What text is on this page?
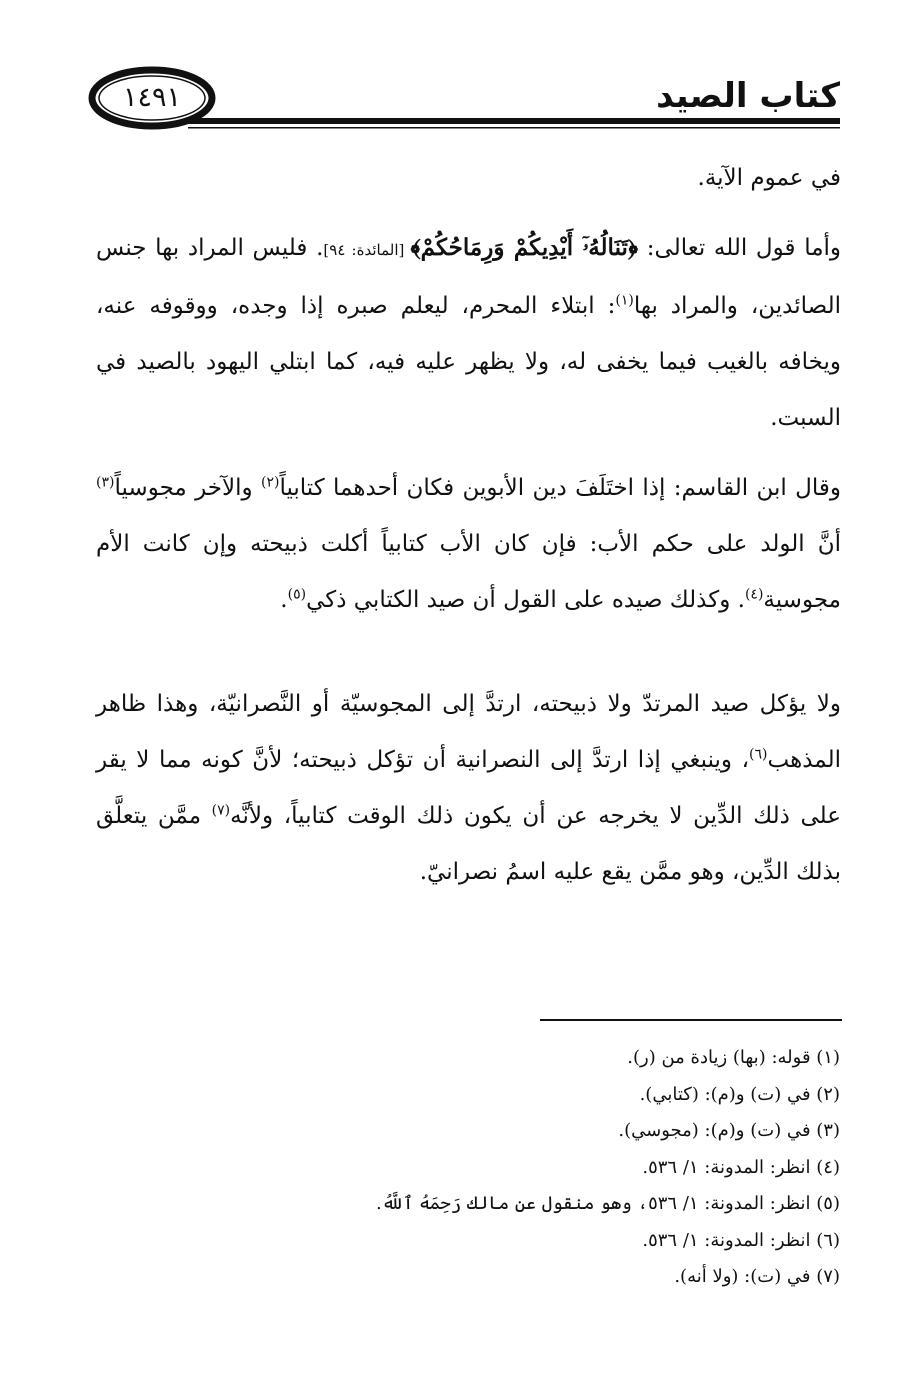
كتاب الصيد
١٤٩١

في عموم الآية.

وأما قول الله تعالى: ﴿تَنَالُهُۥٓ أَيْدِيكُمْ وَرِمَاحُكُمْ﴾ [المائدة: ٩٤]. فليس المراد بها جنس الصائدين، والمراد بها$^{(١)}$: ابتلاء المحرم، ليعلم صبره إذا وجده، ووقوفه عنه، ويخافه بالغيب فيما يخفى له، ولا يظهر عليه فيه، كما ابتلي اليهود بالصيد في السبت.

وقال ابن القاسم: إذا اختَلَفَ دين الأبوين فكان أحدهما كتابياً$^{(٢)}$ والآخر مجوسياً$^{(٣)}$ أنَّ الولد على حكم الأب: فإن كان الأب كتابياً أكلت ذبيحته وإن كانت الأم مجوسية$^{(٤)}$. وكذلك صيده على القول أن صيد الكتابي ذكي$^{(٥)}$.

ولا يؤكل صيد المرتدّ ولا ذبيحته، ارتدَّ إلى المجوسيّة أو النَّصرانيّة، وهذا ظاهر المذهب$^{(٦)}$، وينبغي إذا ارتدَّ إلى النصرانية أن تؤكل ذبيحته؛ لأنَّ كونه مما لا يقر على ذلك الدِّين لا يخرجه عن أن يكون ذلك الوقت كتابياً، ولأنَّه$^{(٧)}$ ممَّن يتعلَّق بذلك الدِّين، وهو ممَّن يقع عليه اسمُ نصرانيّ.

(١) قوله: (بها) زيادة من (ر).
(٢) في (ت) و(م): (كتابي).
(٣) في (ت) و(م): (مجوسي).
(٤) انظر: المدونة: ١/ ٥٣٦.
(٥) انظر: المدونة: ١/ ٥٣٦، وهو منقول عن مالك رَحِمَهُ ٱللَّهُ.
(٦) انظر: المدونة: ١/ ٥٣٦.
(٧) في (ت): (ولا أنه).
